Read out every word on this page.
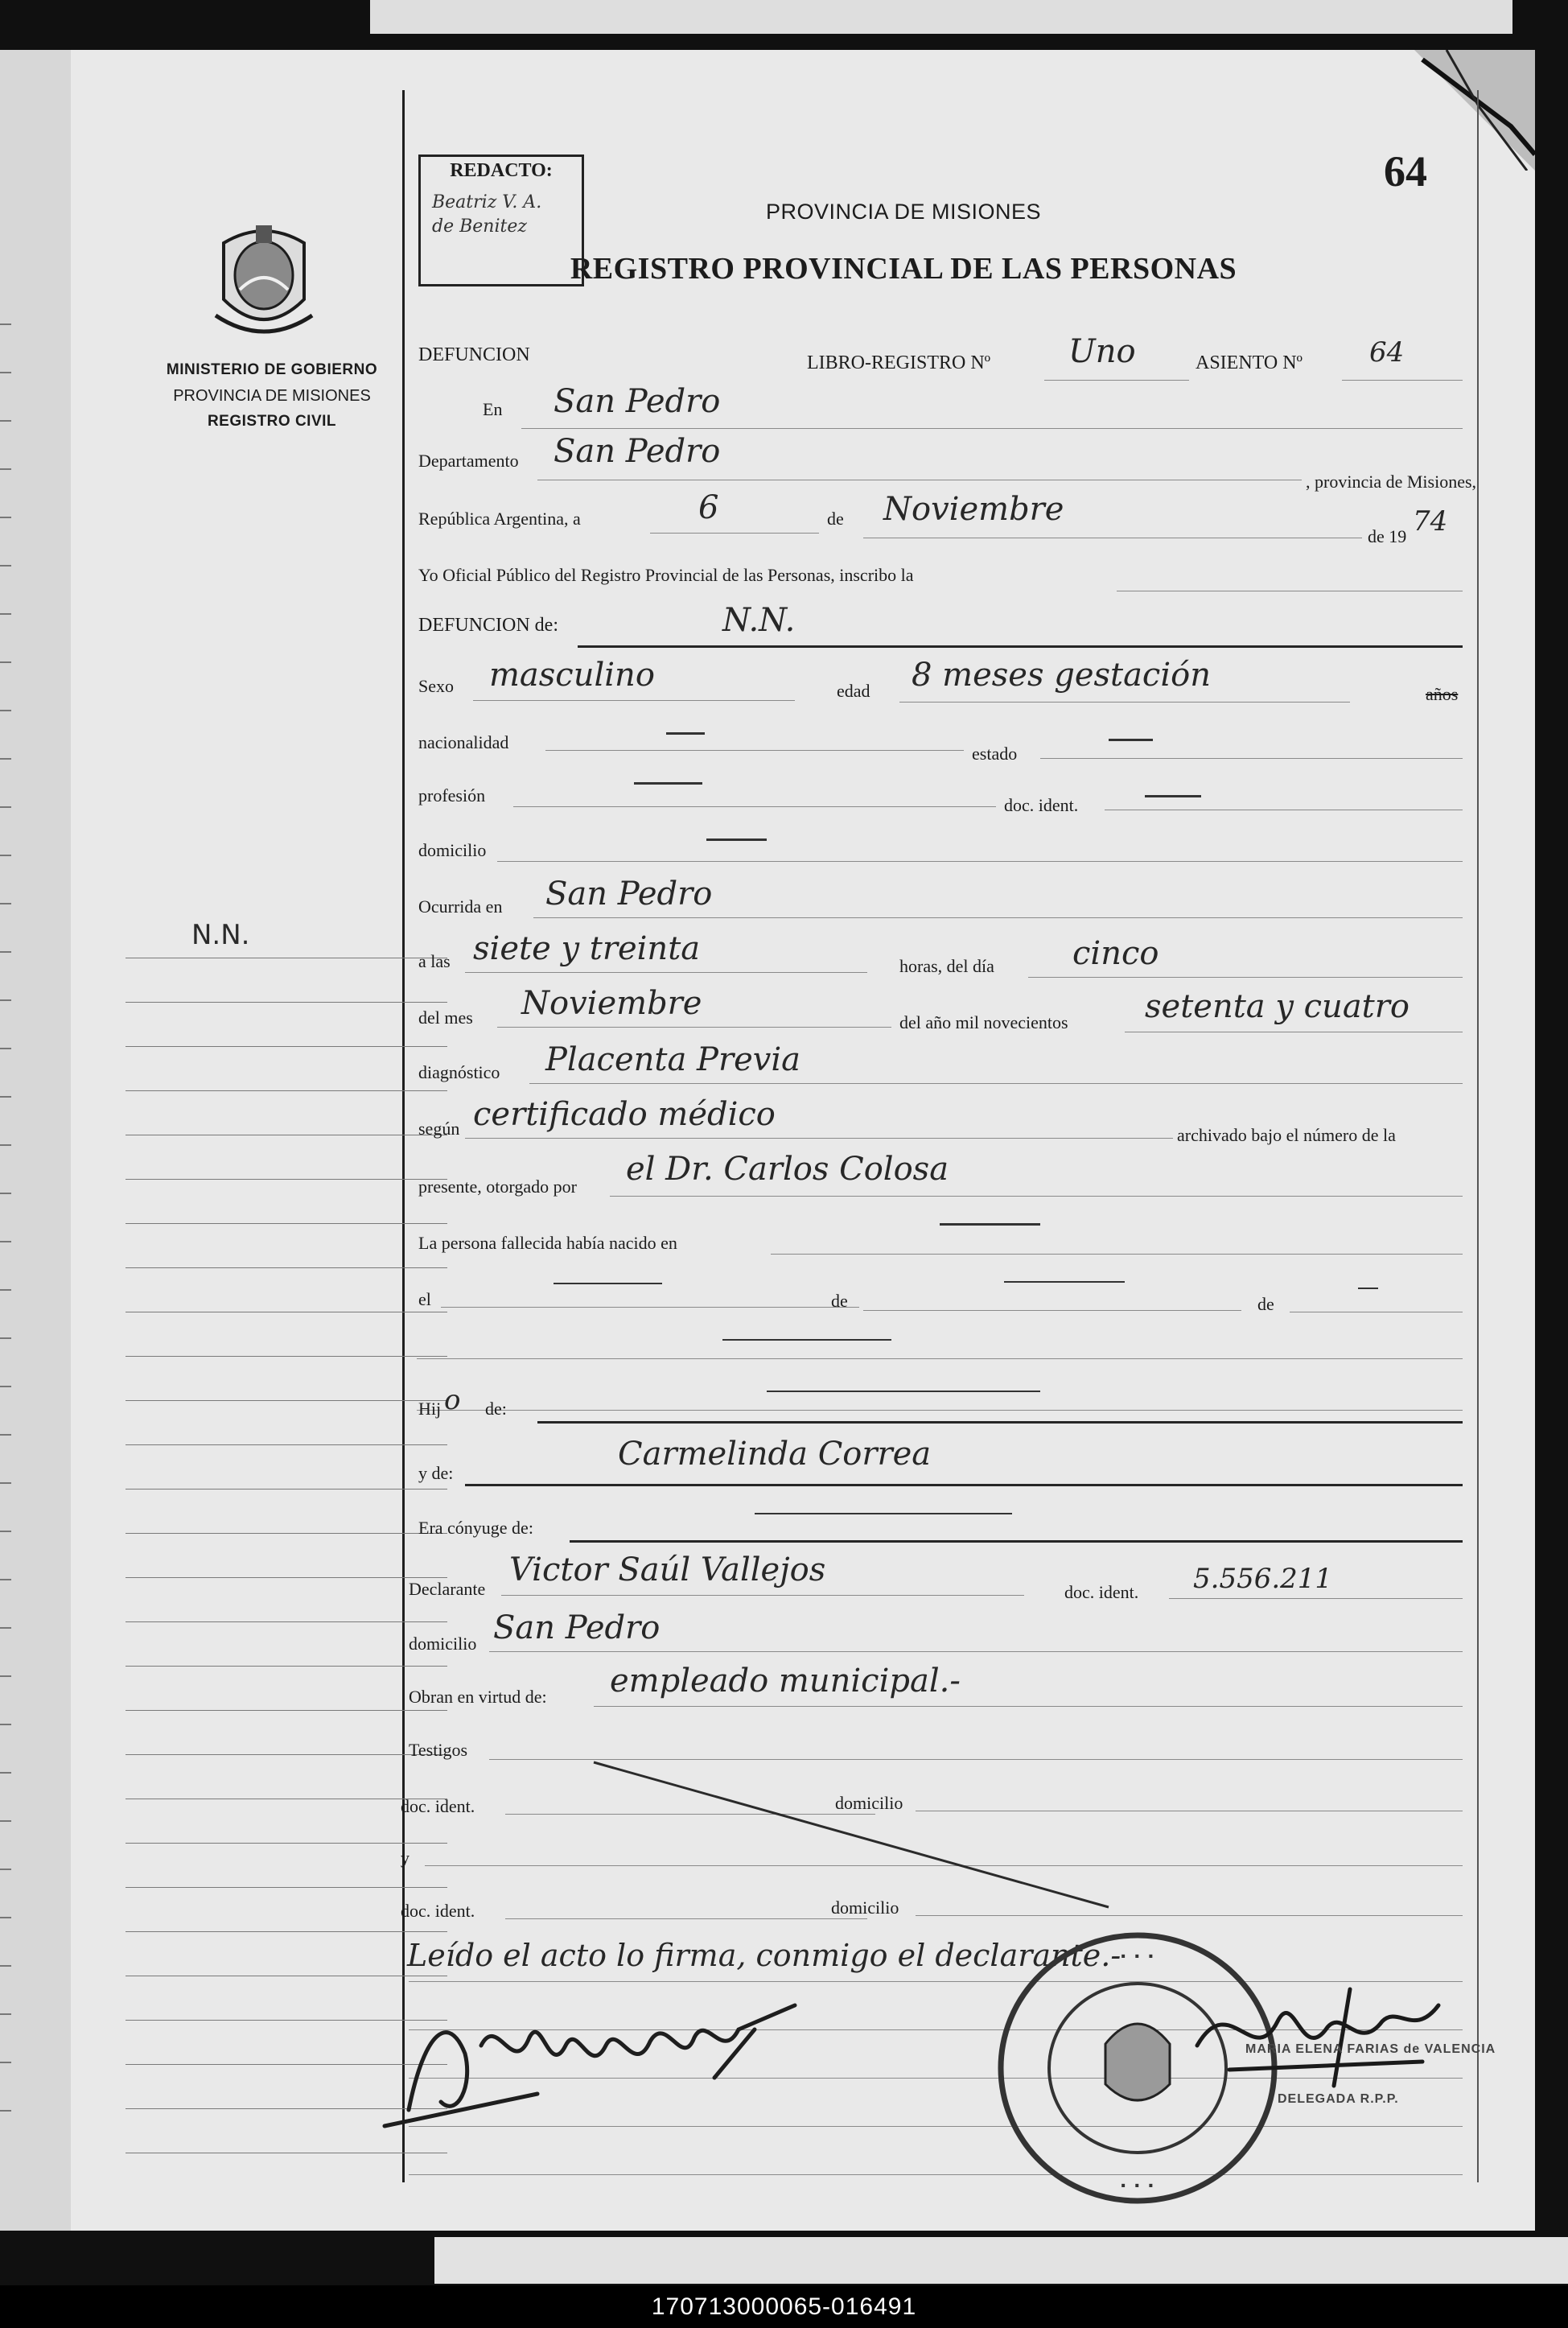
MINISTERIO DE GOBIERNO
PROVINCIA DE MISIONES
REGISTRO CIVIL
N.N.
REDACTO:
Beatriz V. A. de Benitez
64
PROVINCIA DE MISIONES
REGISTRO PROVINCIAL DE LAS PERSONAS
DEFUNCION	LIBRO-REGISTRO Nº Uno	ASIENTO Nº 64
En San Pedro
Departamento San Pedro
, provincia de Misiones,
República Argentina, a	6	de Noviembre
de 19 74
Yo Oficial Público del Registro Provincial de las Personas, inscribo la
DEFUNCION de:	N.N.
Sexo masculino	edad 8 meses gestación
años
nacionalidad
estado
profesión	doc. ident.
domicilio
Ocurrida en San Pedro
a las siete y treinta	horas, del día cinco
del mes Noviembre
del año mil novecientos setenta y cuatro
diagnóstico Placenta Previa
según certificado médico
archivado bajo el número de la
presente, otorgado por el Dr. Carlos Colosa
La persona fallecida había nacido en
el	de	de
Hij o de:
y de:
Carmelinda Correa
Era cónyuge de:
Declarante
Victor Saúl Vallejos
doc. ident. 5.556.211
domicilio San Pedro
Obran en virtud de: empleado municipal.-
Testigos
doc. ident.	domicilio
y
doc. ident.	domicilio
Leído el acto lo firma, conmigo el declarante.- · · ·
· · ·
MARIA ELENA FARIAS de VALENCIA
DELEGADA R.P.P.
170713000065-016491
